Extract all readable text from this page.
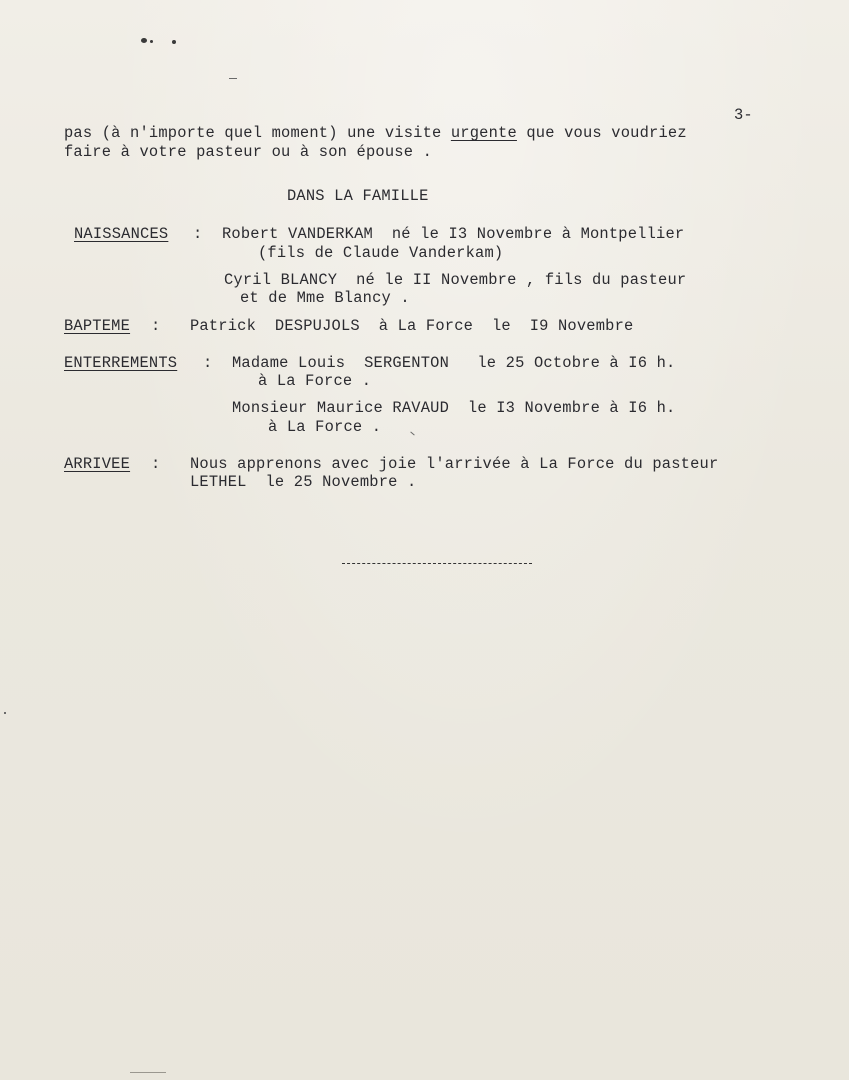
3-
pas (à n'importe quel moment) une visite urgente que vous voudriez
faire à votre pasteur ou à son épouse .
DANS LA FAMILLE
NAISSANCES : Robert VANDERKAM  né le I3 Novembre à Montpellier
(fils de Claude Vanderkam)
Cyril BLANCY  né le II Novembre , fils du pasteur
et de Mme Blancy .
BAPTEME : Patrick  DESPUJOLS  à La Force  le  I9 Novembre
ENTERREMENTS : Madame Louis  SERGENTON   le 25 Octobre à I6 h.
à La Force .
Monsieur Maurice RAVAUD  le I3 Novembre à I6 h.
à La Force .
ARRIVEE : Nous apprenons avec joie l'arrivée à La Force du pasteur
LETHEL  le 25 Novembre .
